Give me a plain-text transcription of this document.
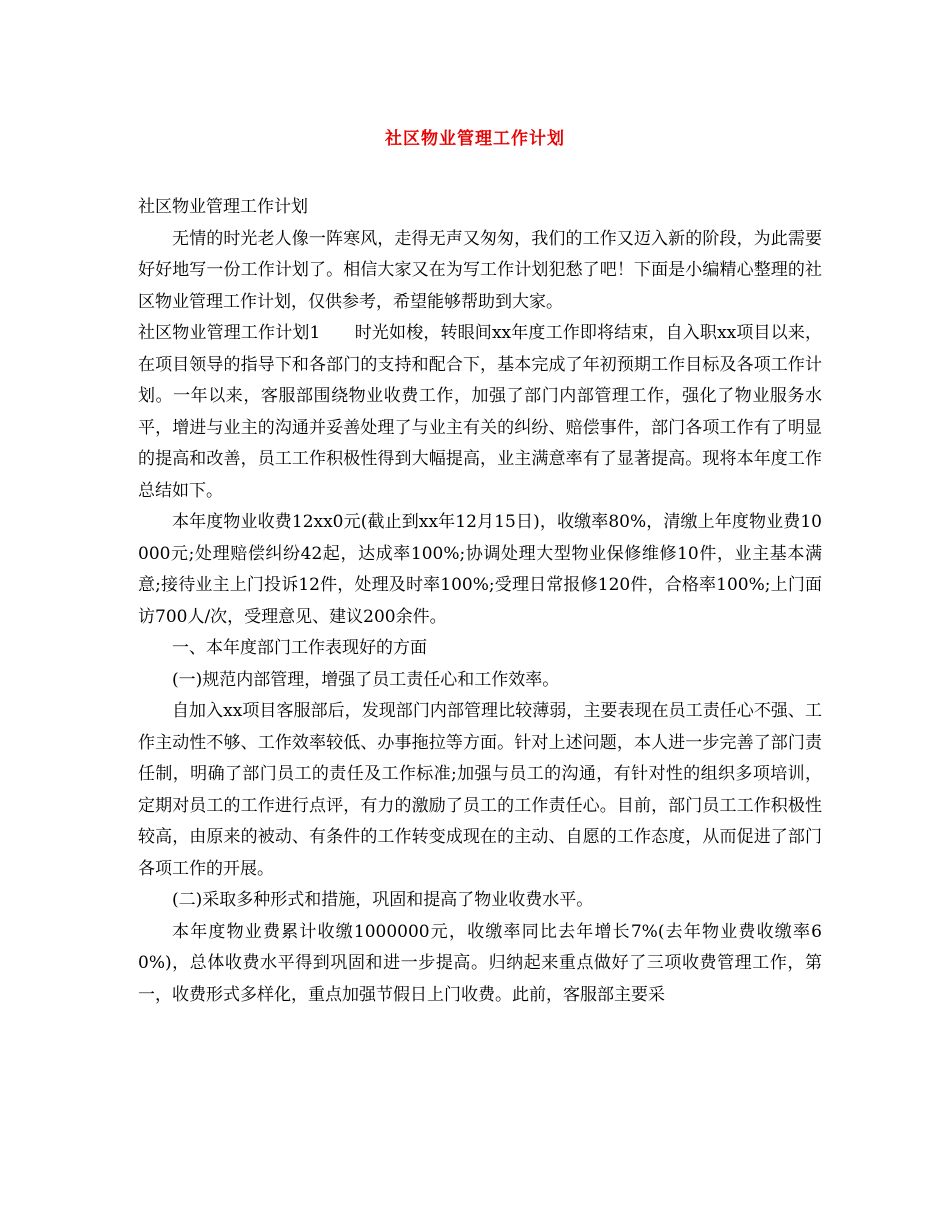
社区物业管理工作计划

社区物业管理工作计划

无情的时光老人像一阵寒风，走得无声又匆匆，我们的工作又迈入新的阶段，为此需要好好地写一份工作计划了。相信大家又在为写工作计划犯愁了吧！下面是小编精心整理的社区物业管理工作计划，仅供参考，希望能够帮助到大家。

社区物业管理工作计划1　　时光如梭，转眼间xx年度工作即将结束，自入职xx项目以来，在项目领导的指导下和各部门的支持和配合下，基本完成了年初预期工作目标及各项工作计划。一年以来，客服部围绕物业收费工作，加强了部门内部管理工作，强化了物业服务水平，增进与业主的沟通并妥善处理了与业主有关的纠纷、赔偿事件，部门各项工作有了明显的提高和改善，员工工作积极性得到大幅提高，业主满意率有了显著提高。现将本年度工作总结如下。

本年度物业收费12xx0元(截止到xx年12月15日)，收缴率80%，清缴上年度物业费10000元;处理赔偿纠纷42起，达成率100%;协调处理大型物业保修维修10件，业主基本满意;接待业主上门投诉12件，处理及时率100%;受理日常报修120件，合格率100%;上门面访700人/次，受理意见、建议200余件。

一、本年度部门工作表现好的方面

(一)规范内部管理，增强了员工责任心和工作效率。

自加入xx项目客服部后，发现部门内部管理比较薄弱，主要表现在员工责任心不强、工作主动性不够、工作效率较低、办事拖拉等方面。针对上述问题，本人进一步完善了部门责任制，明确了部门员工的责任及工作标准;加强与员工的沟通，有针对性的组织多项培训，定期对员工的工作进行点评，有力的激励了员工的工作责任心。目前，部门员工工作积极性较高，由原来的被动、有条件的工作转变成现在的主动、自愿的工作态度，从而促进了部门各项工作的开展。

(二)采取多种形式和措施，巩固和提高了物业收费水平。

本年度物业费累计收缴1000000元，收缴率同比去年增长7%(去年物业费收缴率60%)，总体收费水平得到巩固和进一步提高。归纳起来重点做好了三项收费管理工作，第一，收费形式多样化，重点加强节假日上门收费。此前，客服部主要采
